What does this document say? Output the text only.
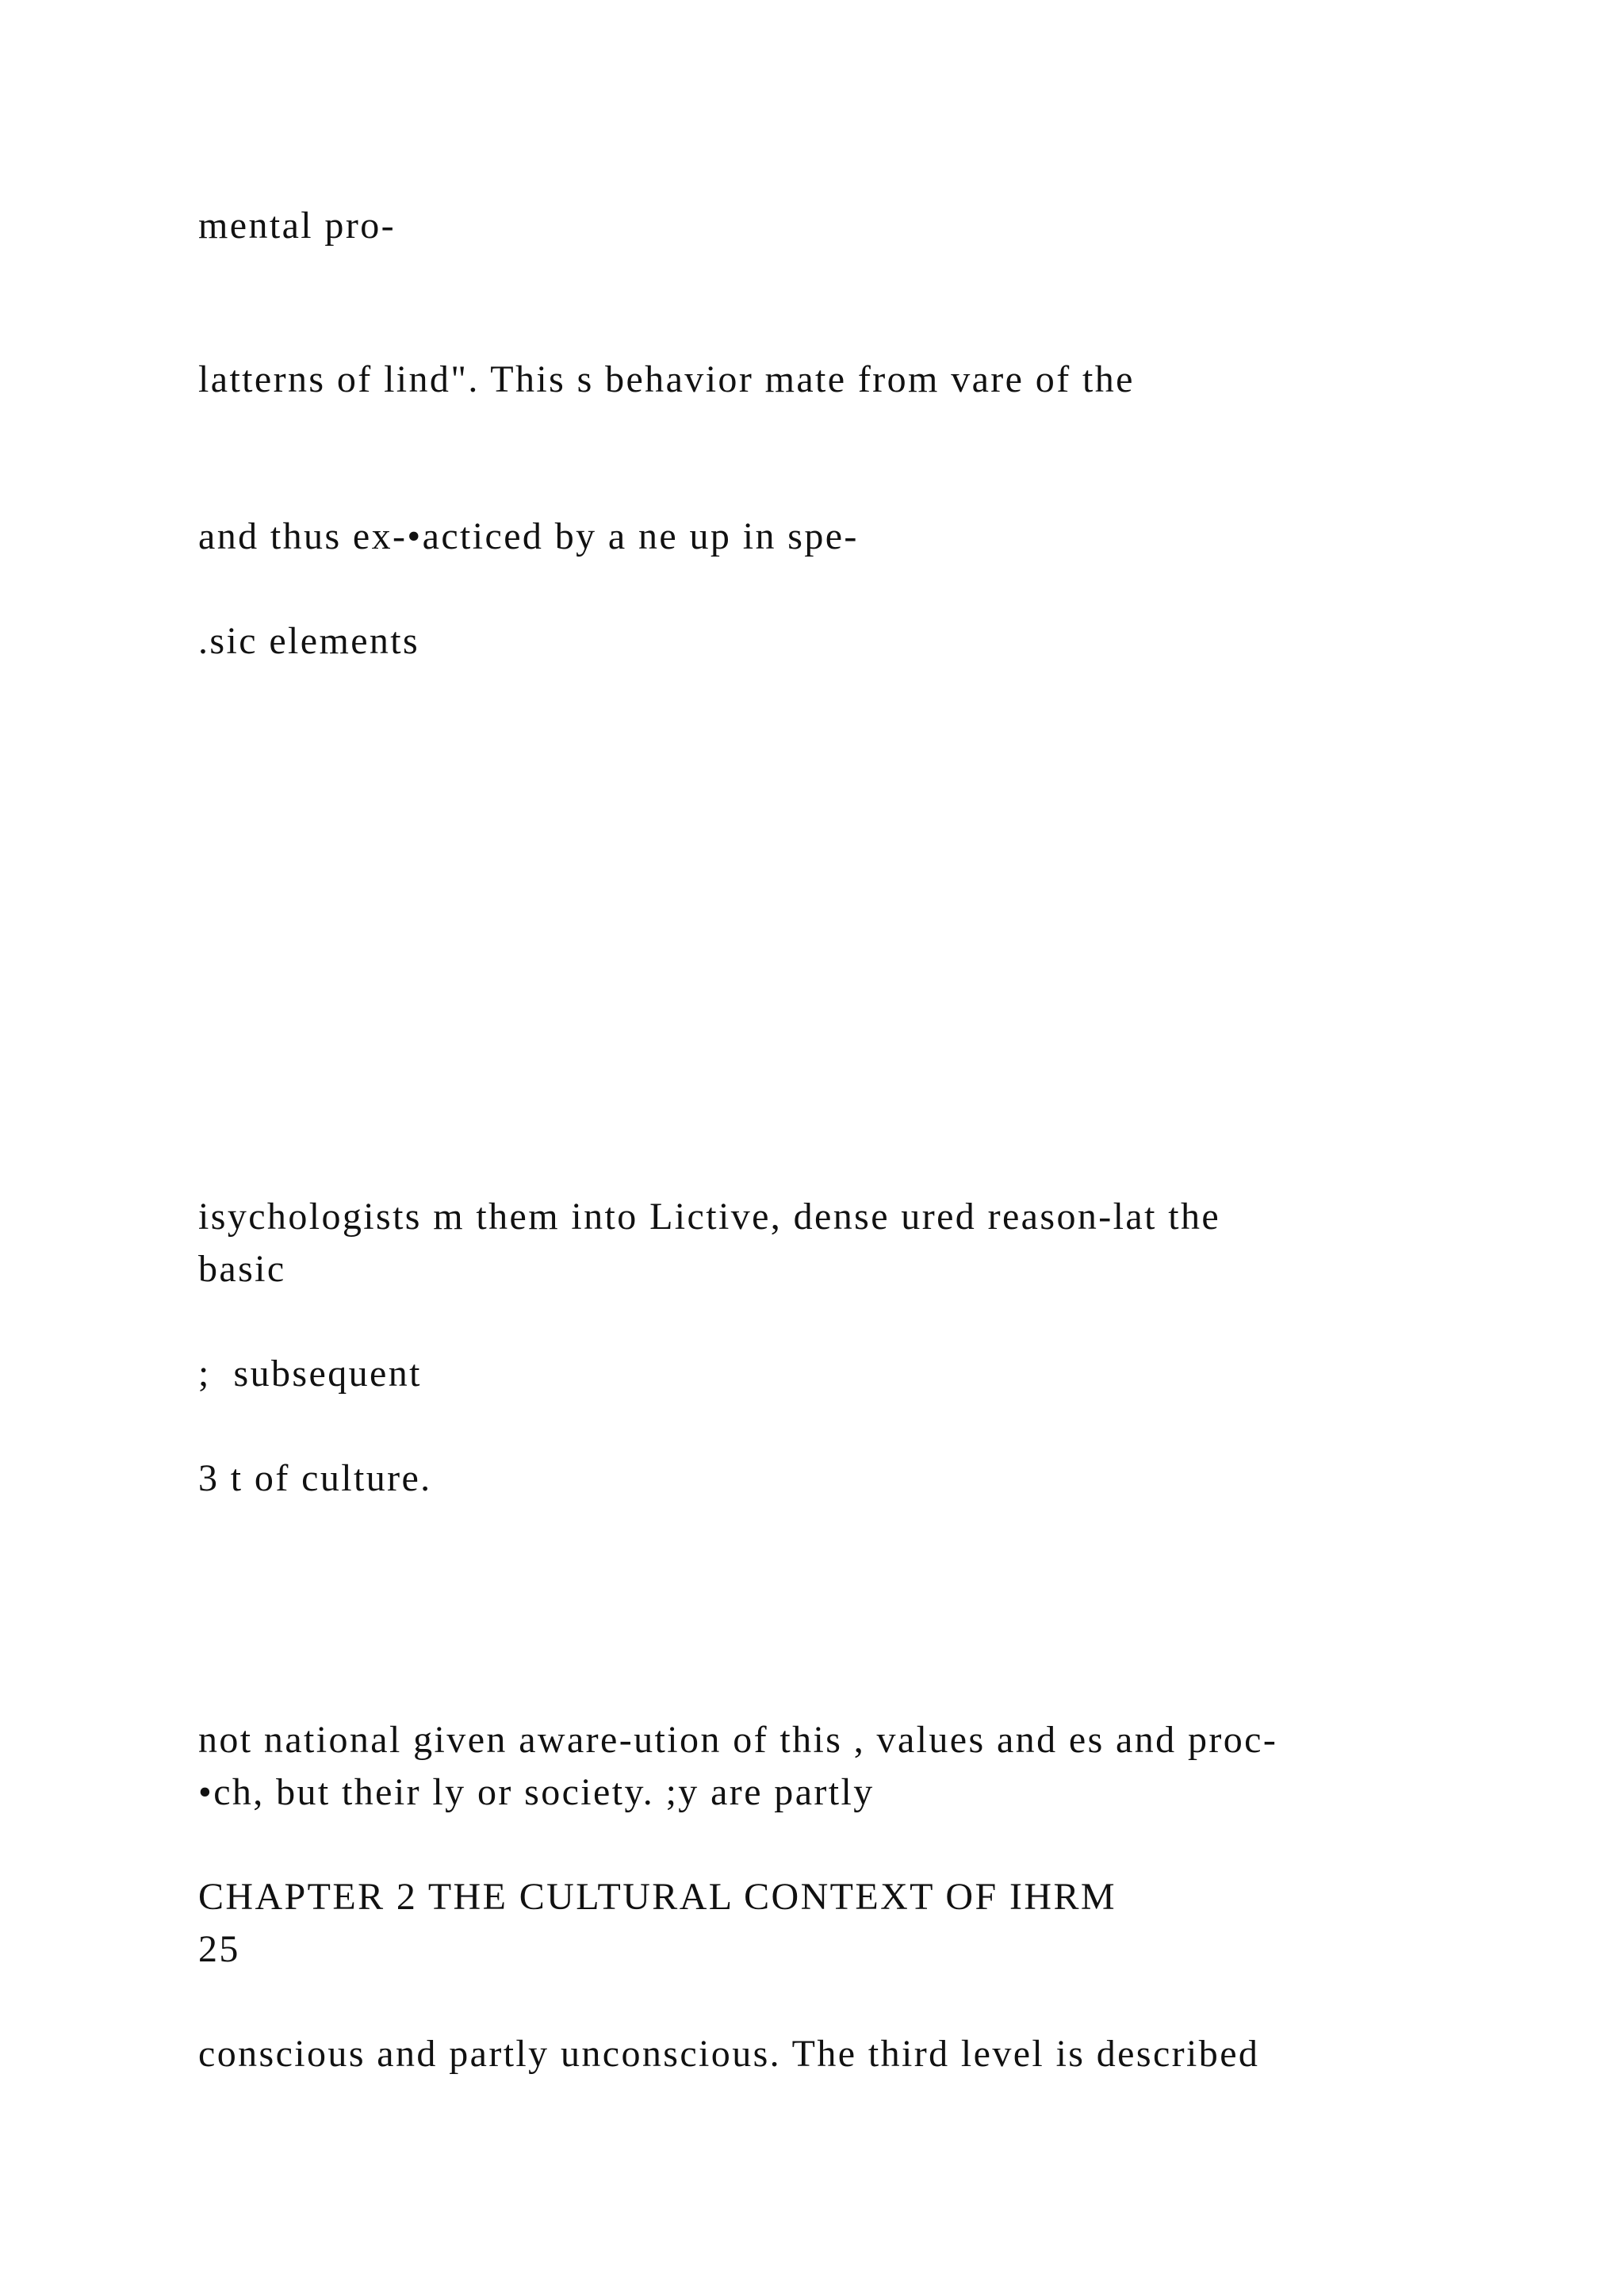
mental pro-

latterns of lind". This s behavior mate from vare of the

and thus ex-•acticed by a ne up in spe-

.sic elements

isychologists m them into Lictive, dense ured reason-lat the

basic

;  subsequent

3 t of culture.

not national given aware-ution of this , values and es and proc-

•ch, but their ly or society. ;y are partly

CHAPTER 2 THE CULTURAL CONTEXT OF IHRM

25

conscious and partly unconscious. The third level is described
